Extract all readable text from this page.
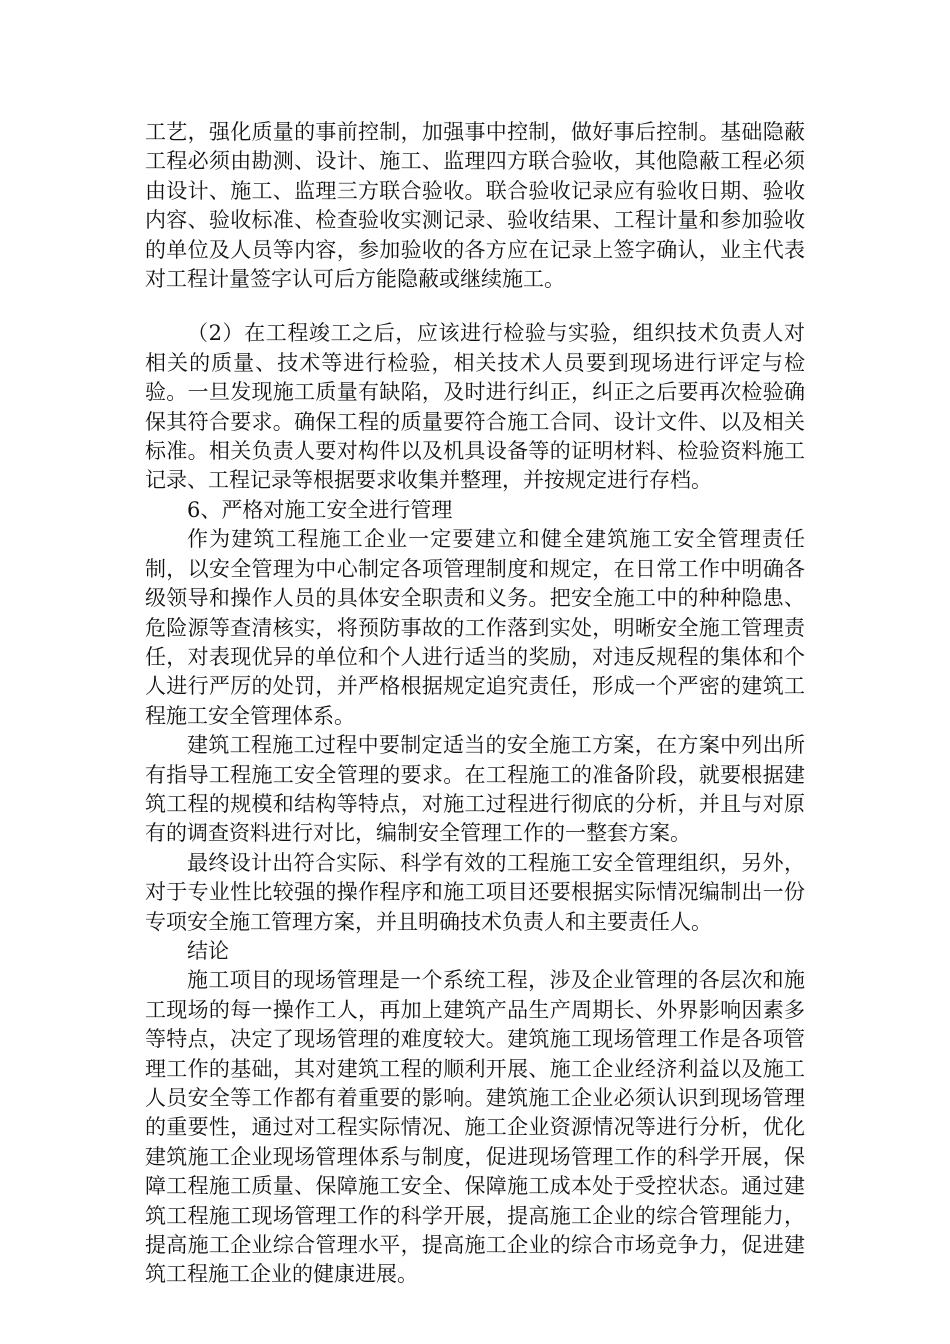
工艺，强化质量的事前控制，加强事中控制，做好事后控制。基础隐蔽工程必须由勘测、设计、施工、监理四方联合验收，其他隐蔽工程必须由设计、施工、监理三方联合验收。联合验收记录应有验收日期、验收内容、验收标准、检查验收实测记录、验收结果、工程计量和参加验收的单位及人员等内容，参加验收的各方应在记录上签字确认，业主代表对工程计量签字认可后方能隐蔽或继续施工。

（2）在工程竣工之后，应该进行检验与实验，组织技术负责人对相关的质量、技术等进行检验，相关技术人员要到现场进行评定与检验。一旦发现施工质量有缺陷，及时进行纠正，纠正之后要再次检验确保其符合要求。确保工程的质量要符合施工合同、设计文件、以及相关标准。相关负责人要对构件以及机具设备等的证明材料、检验资料施工记录、工程记录等根据要求收集并整理，并按规定进行存档。

6、严格对施工安全进行管理

作为建筑工程施工企业一定要建立和健全建筑施工安全管理责任制，以安全管理为中心制定各项管理制度和规定，在日常工作中明确各级领导和操作人员的具体安全职责和义务。把安全施工中的种种隐患、危险源等查清核实，将预防事故的工作落到实处，明晰安全施工管理责任，对表现优异的单位和个人进行适当的奖励，对违反规程的集体和个人进行严厉的处罚，并严格根据规定追究责任，形成一个严密的建筑工程施工安全管理体系。

建筑工程施工过程中要制定适当的安全施工方案，在方案中列出所有指导工程施工安全管理的要求。在工程施工的准备阶段，就要根据建筑工程的规模和结构等特点，对施工过程进行彻底的分析，并且与对原有的调查资料进行对比，编制安全管理工作的一整套方案。

最终设计出符合实际、科学有效的工程施工安全管理组织，另外，对于专业性比较强的操作程序和施工项目还要根据实际情况编制出一份专项安全施工管理方案，并且明确技术负责人和主要责任人。

结论

施工项目的现场管理是一个系统工程，涉及企业管理的各层次和施工现场的每一操作工人，再加上建筑产品生产周期长、外界影响因素多等特点，决定了现场管理的难度较大。建筑施工现场管理工作是各项管理工作的基础，其对建筑工程的顺利开展、施工企业经济利益以及施工人员安全等工作都有着重要的影响。建筑施工企业必须认识到现场管理的重要性，通过对工程实际情况、施工企业资源情况等进行分析，优化建筑施工企业现场管理体系与制度，促进现场管理工作的科学开展，保障工程施工质量、保障施工安全、保障施工成本处于受控状态。通过建筑工程施工现场管理工作的科学开展，提高施工企业的综合管理能力，提高施工企业综合管理水平，提高施工企业的综合市场竞争力，促进建筑工程施工企业的健康进展。
